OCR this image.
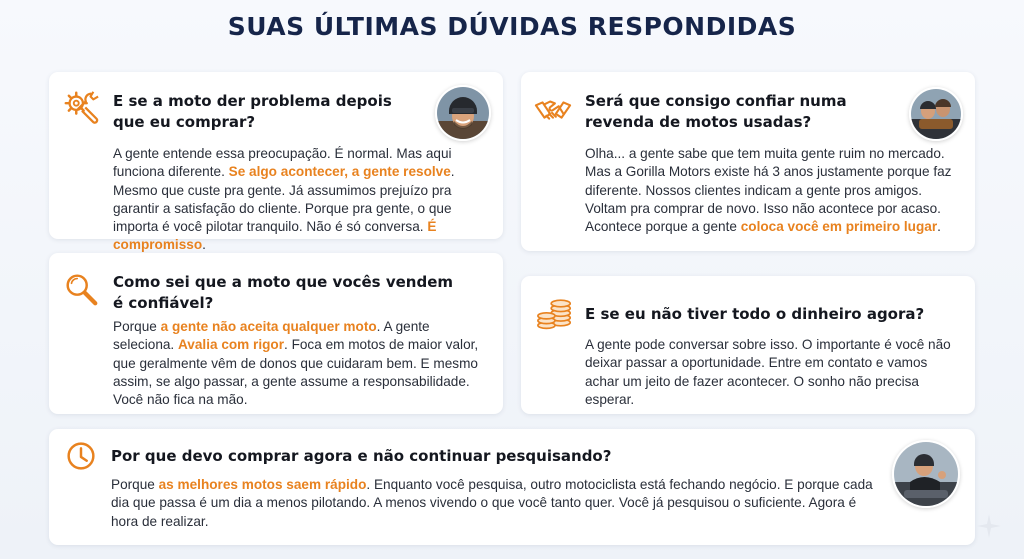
SUAS ÚLTIMAS DÚVIDAS RESPONDIDAS
E se a moto der problema depois que eu comprar?
A gente entende essa preocupação. É normal. Mas aqui funciona diferente. Se algo acontecer, a gente resolve. Mesmo que custe pra gente. Já assumimos prejuízo pra garantir a satisfação do cliente. Porque pra gente, o que importa é você pilotar tranquilo. Não é só conversa. É compromisso.
Será que consigo confiar numa revenda de motos usadas?
Olha... a gente sabe que tem muita gente ruim no mercado. Mas a Gorilla Motors existe há 3 anos justamente porque faz diferente. Nossos clientes indicam a gente pros amigos. Voltam pra comprar de novo. Isso não acontece por acaso. Acontece porque a gente coloca você em primeiro lugar.
Como sei que a moto que vocês vendem é confiável?
Porque a gente não aceita qualquer moto. A gente seleciona. Avalia com rigor. Foca em motos de maior valor, que geralmente vêm de donos que cuidaram bem. E mesmo assim, se algo passar, a gente assume a responsabilidade. Você não fica na mão.
E se eu não tiver todo o dinheiro agora?
A gente pode conversar sobre isso. O importante é você não deixar passar a oportunidade. Entre em contato e vamos achar um jeito de fazer acontecer. O sonho não precisa esperar.
Por que devo comprar agora e não continuar pesquisando?
Porque as melhores motos saem rápido. Enquanto você pesquisa, outro motociclista está fechando negócio. E porque cada dia que passa é um dia a menos pilotando. A menos vivendo o que você tanto quer. Você já pesquisou o suficiente. Agora é hora de realizar.
